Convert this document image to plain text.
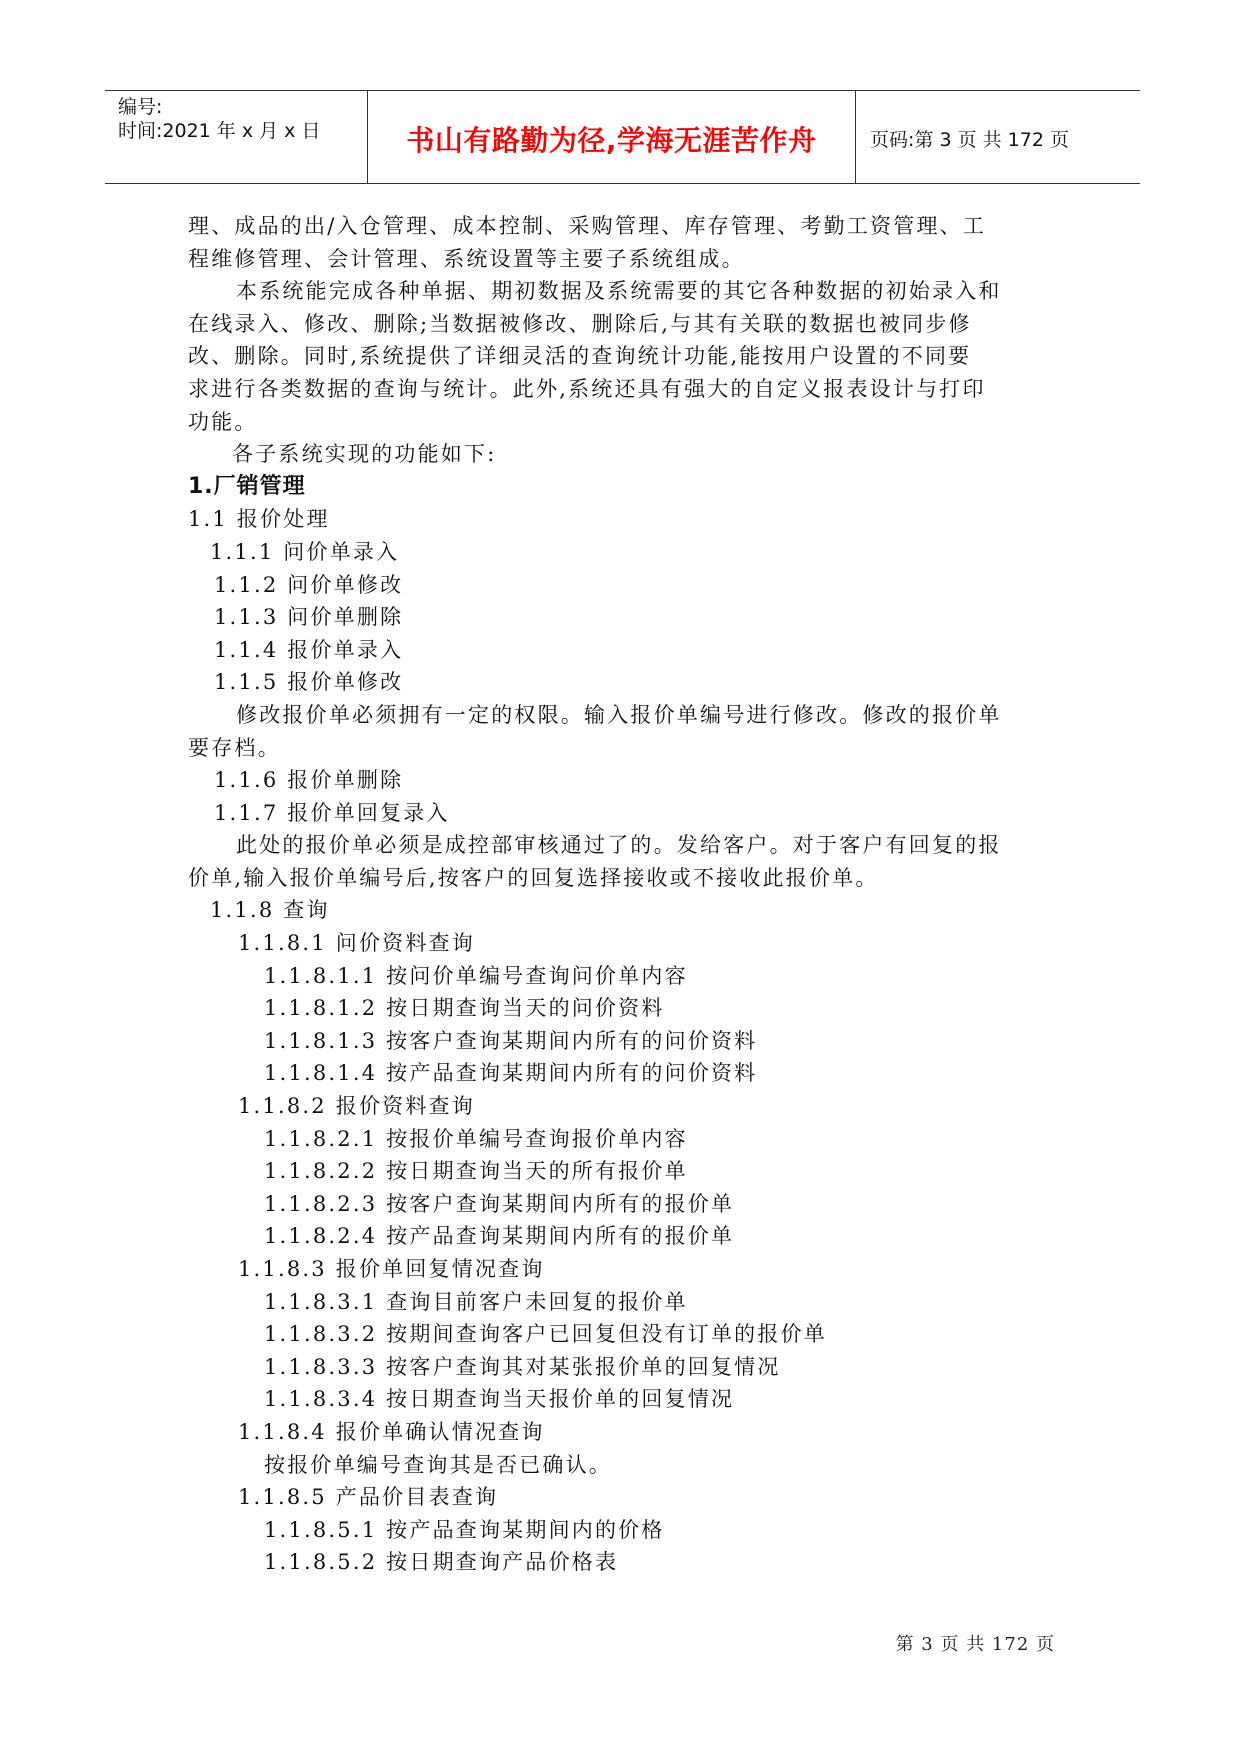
编号:
时间:2021 年 x 月 x 日	书山有路勤为径,学海无涯苦作舟	页码:第 3 页 共 172 页
理、成品的出/入仓管理、成本控制、采购管理、库存管理、考勤工资管理、工
程维修管理、会计管理、系统设置等主要子系统组成。
本系统能完成各种单据、期初数据及系统需要的其它各种数据的初始录入和
在线录入、修改、删除;当数据被修改、删除后,与其有关联的数据也被同步修
改、删除。同时,系统提供了详细灵活的查询统计功能,能按用户设置的不同要
求进行各类数据的查询与统计。此外,系统还具有强大的自定义报表设计与打印
功能。
各子系统实现的功能如下:
1.厂销管理
1.1 报价处理
1.1.1 问价单录入
1.1.2 问价单修改
1.1.3 问价单删除
1.1.4 报价单录入
1.1.5 报价单修改
修改报价单必须拥有一定的权限。输入报价单编号进行修改。修改的报价单
要存档。
1.1.6 报价单删除
1.1.7 报价单回复录入
此处的报价单必须是成控部审核通过了的。发给客户。对于客户有回复的报
价单,输入报价单编号后,按客户的回复选择接收或不接收此报价单。
1.1.8 查询
1.1.8.1 问价资料查询
1.1.8.1.1 按问价单编号查询问价单内容
1.1.8.1.2 按日期查询当天的问价资料
1.1.8.1.3 按客户查询某期间内所有的问价资料
1.1.8.1.4 按产品查询某期间内所有的问价资料
1.1.8.2 报价资料查询
1.1.8.2.1 按报价单编号查询报价单内容
1.1.8.2.2 按日期查询当天的所有报价单
1.1.8.2.3 按客户查询某期间内所有的报价单
1.1.8.2.4 按产品查询某期间内所有的报价单
1.1.8.3 报价单回复情况查询
1.1.8.3.1 查询目前客户未回复的报价单
1.1.8.3.2 按期间查询客户已回复但没有订单的报价单
1.1.8.3.3 按客户查询其对某张报价单的回复情况
1.1.8.3.4 按日期查询当天报价单的回复情况
1.1.8.4 报价单确认情况查询
按报价单编号查询其是否已确认。
1.1.8.5 产品价目表查询
1.1.8.5.1 按产品查询某期间内的价格
1.1.8.5.2 按日期查询产品价格表
第 3 页 共 172 页
